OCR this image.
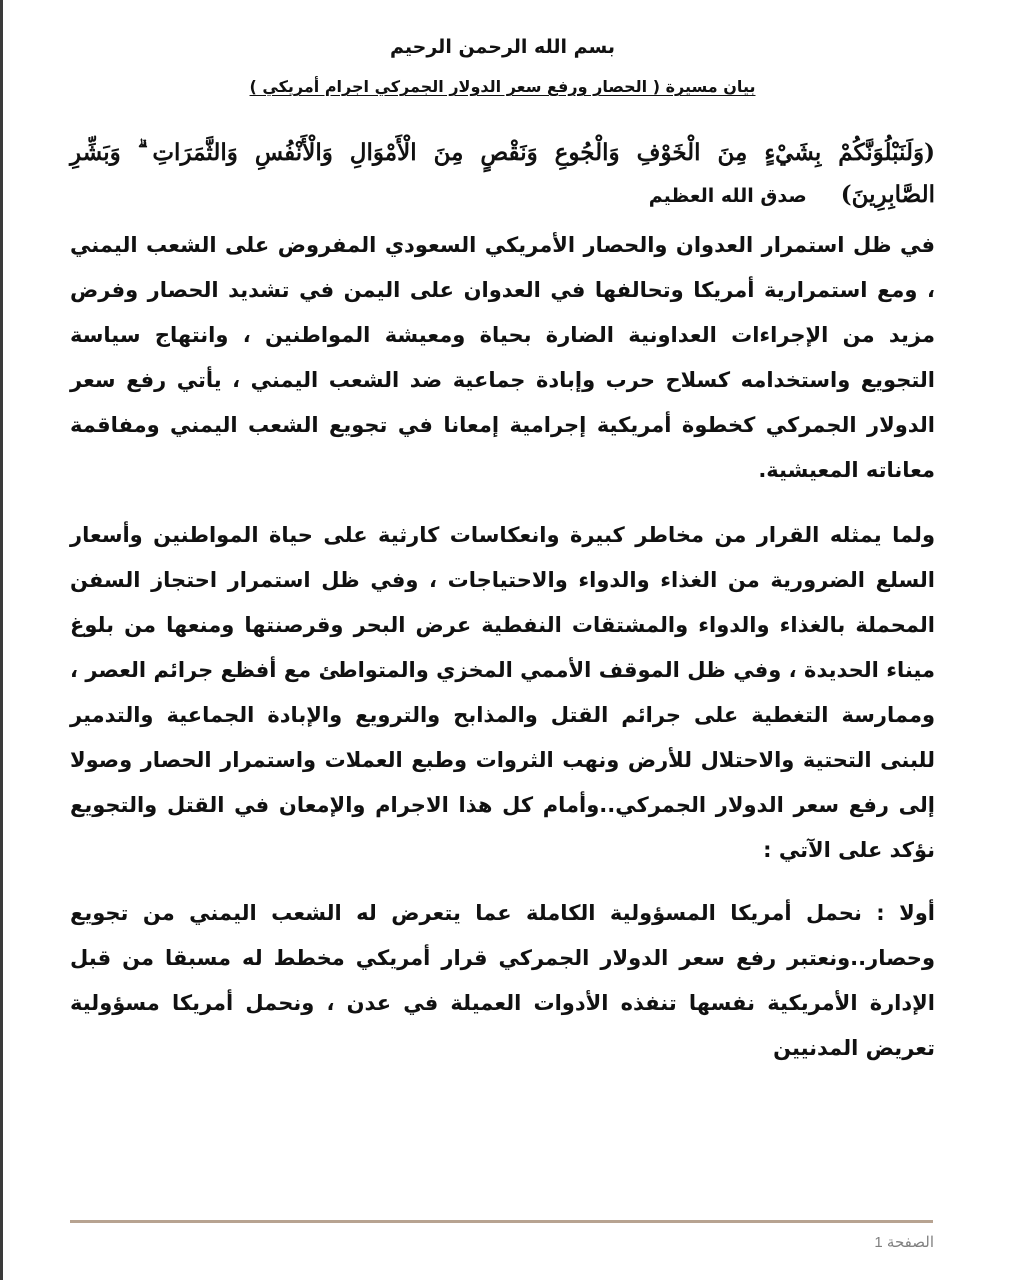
بسم الله الرحمن الرحيم

بيان مسيرة ( الحصار ورفع سعر الدولار الجمركي اجرام أمريكي )

(وَلَنَبْلُوَنَّكُمْ بِشَيْءٍ مِنَ الْخَوْفِ وَالْجُوعِ وَنَقْصٍ مِنَ الْأَمْوَالِ وَالْأَنْفُسِ وَالثَّمَرَاتِ ۗ وَبَشِّرِ الصَّابِرِينَ)صدق الله العظيم

في ظل استمرار العدوان والحصار الأمريكي السعودي المفروض على الشعب اليمني ، ومع استمرارية أمريكا وتحالفها في العدوان على اليمن في تشديد الحصار وفرض مزيد من الإجراءات العداونية الضارة بحياة ومعيشة المواطنين ، وانتهاج سياسة التجويع واستخدامه كسلاح حرب وإبادة جماعية ضد الشعب اليمني ، يأتي رفع سعر الدولار الجمركي كخطوة أمريكية إجرامية إمعانا في تجويع الشعب اليمني ومفاقمة معاناته المعيشية.

ولما يمثله القرار من مخاطر كبيرة وانعكاسات كارثية على حياة المواطنين وأسعار السلع الضرورية من الغذاء والدواء والاحتياجات ، وفي ظل استمرار احتجاز السفن المحملة بالغذاء والدواء والمشتقات النفطية عرض البحر وقرصنتها ومنعها من بلوغ ميناء الحديدة ، وفي ظل الموقف الأممي المخزي والمتواطئ مع أفظع جرائم العصر ، وممارسة التغطية على جرائم القتل والمذابح والترويع والإبادة الجماعية والتدمير للبنى التحتية والاحتلال للأرض ونهب الثروات وطبع العملات واستمرار الحصار وصولا إلى رفع سعر الدولار الجمركي..وأمام كل هذا الاجرام والإمعان في القتل والتجويع نؤكد على الآتي :

أولا : نحمل أمريكا المسؤولية الكاملة عما يتعرض له الشعب اليمني من تجويع وحصار..ونعتبر رفع سعر الدولار الجمركي قرار أمريكي مخطط له مسبقا من قبل الإدارة الأمريكية نفسها تنفذه الأدوات العميلة في عدن ، ونحمل أمريكا مسؤولية تعريض المدنيين

الصفحة 1
